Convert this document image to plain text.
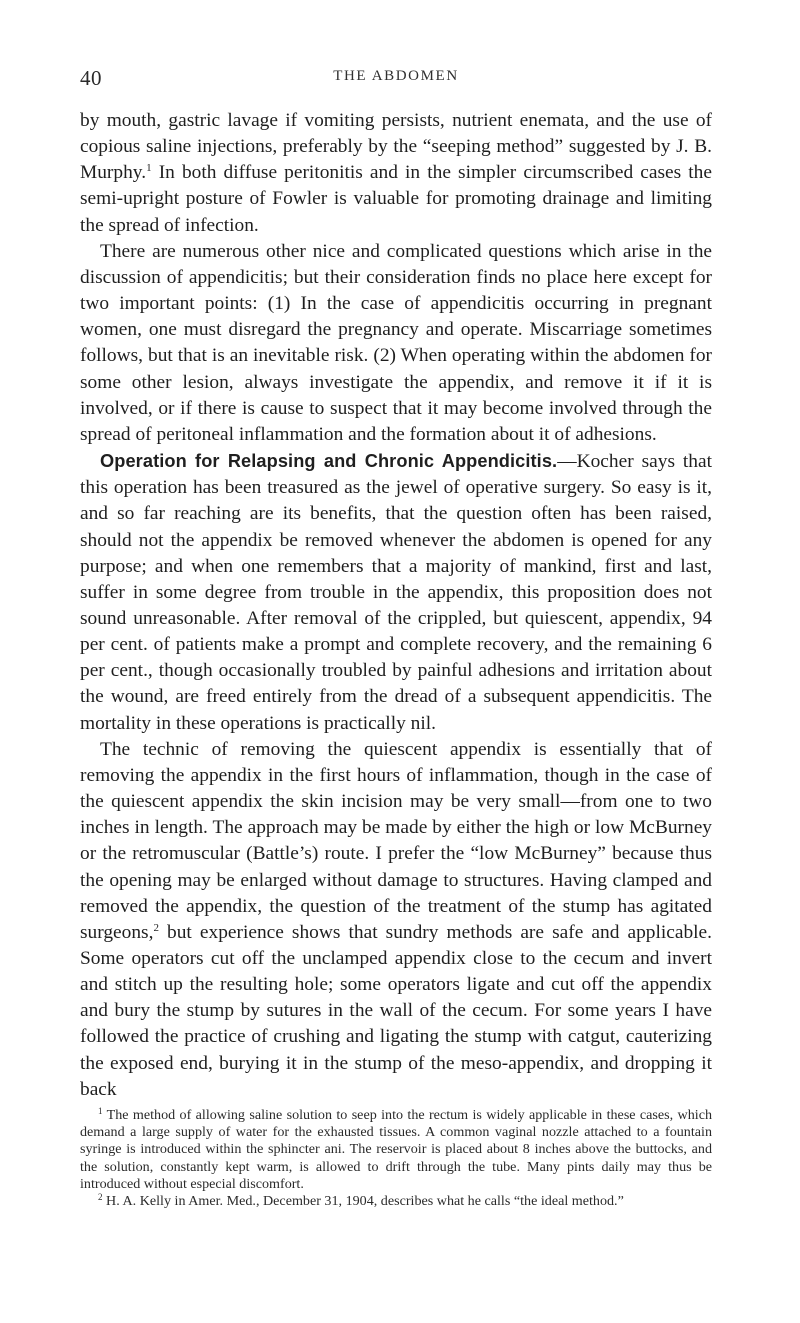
40	THE ABDOMEN

by mouth, gastric lavage if vomiting persists, nutrient enemata, and the use of copious saline injections, preferably by the “seeping method” suggested by J. B. Murphy.$^1$ In both diffuse peritonitis and in the simpler circumscribed cases the semi-upright posture of Fowler is valuable for promoting drainage and limiting the spread of infection.

There are numerous other nice and complicated questions which arise in the discussion of appendicitis; but their consideration finds no place here except for two important points: (1) In the case of appendicitis occurring in pregnant women, one must disregard the pregnancy and operate. Miscarriage sometimes follows, but that is an inevitable risk. (2) When operating within the abdomen for some other lesion, always investigate the appendix, and remove it if it is involved, or if there is cause to suspect that it may become involved through the spread of peritoneal inflammation and the formation about it of adhesions.

Operation for Relapsing and Chronic Appendicitis.—Kocher says that this operation has been treasured as the jewel of operative surgery. So easy is it, and so far reaching are its benefits, that the question often has been raised, should not the appendix be removed whenever the abdomen is opened for any purpose; and when one remembers that a majority of mankind, first and last, suffer in some degree from trouble in the appendix, this proposition does not sound unreasonable. After removal of the crippled, but quiescent, appendix, 94 per cent. of patients make a prompt and complete recovery, and the remaining 6 per cent., though occasionally troubled by painful adhesions and irritation about the wound, are freed entirely from the dread of a subsequent appendicitis. The mortality in these operations is practically nil.

The technic of removing the quiescent appendix is essentially that of removing the appendix in the first hours of inflammation, though in the case of the quiescent appendix the skin incision may be very small—from one to two inches in length. The approach may be made by either the high or low McBurney or the retromuscular (Battle’s) route. I prefer the “low McBurney” because thus the opening may be enlarged without damage to structures. Having clamped and removed the appendix, the question of the treatment of the stump has agitated surgeons,$^2$ but experience shows that sundry methods are safe and applicable. Some operators cut off the unclamped appendix close to the cecum and invert and stitch up the resulting hole; some operators ligate and cut off the appendix and bury the stump by sutures in the wall of the cecum. For some years I have followed the practice of crushing and ligating the stump with catgut, cauterizing the exposed end, burying it in the stump of the meso-appendix, and dropping it back

$^1$ The method of allowing saline solution to seep into the rectum is widely applicable in these cases, which demand a large supply of water for the exhausted tissues. A common vaginal nozzle attached to a fountain syringe is introduced within the sphincter ani. The reservoir is placed about 8 inches above the buttocks, and the solution, constantly kept warm, is allowed to drift through the tube. Many pints daily may thus be introduced without especial discomfort.

$^2$ H. A. Kelly in Amer. Med., December 31, 1904, describes what he calls “the ideal method.”
